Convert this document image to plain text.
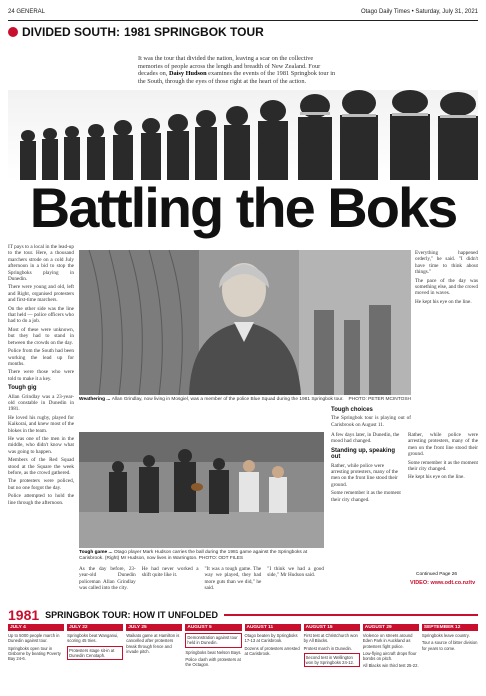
24 GENERAL	Otago Daily Times • Saturday, July 31, 2021
DIVIDED SOUTH: 1981 SPRINGBOK TOUR
It was the tour that divided the nation, leaving a scar on the collective memories of people across the length and breadth of New Zealand. Four decades on, Daisy Hudson examines the events of the 1981 Springbok tour in the South, through the eyes of those right at the heart of the action.
Battling the Boks

IT pays to a local in the lead-up to the tour. Here, a thousand marchers strode on a cold July afternoon in a bid to stop the Springboks playing in Dunedin.

There were young and old, left and Right, organised protesters and first-time marchers.

On the other side was the line that held — police officers who had to do a job.

Most of these were unknown, but they had to stand in between the crowds on the day.

Police from the South had been working the lead up for months.

There were those who were told to make it a key.

Tough gig

Allan Grindlay was a 23-year-old constable in Dunedin in 1981.

He loved his rugby, played for Kaikorai, and knew most of the blokes in the team.

He was one of the men in the middle, who didn't know what was going to happen.

Members of the Red Squad stood at the Square the week before, as the crowd gathered.

The protesters were policed, but no one forgot the day.

Police attempted to hold the line through the afternoon.

Weathering ... Allan Grindlay, now living in Mosgiel, was a member of the police Blue Squad during the 1981 Springbok tour. PHOTO: PETER MCINTOSH

Everything happened orderly," he said. "I didn't have time to think about things."

The pace of the day was something else, and the crowd moved in waves.

He kept his eye on the line.

Tough choices

The Springbok tour is playing out of Carisbrook on August 11.

Tough game ... Otago player Mark Hudson carries the ball during the 1981 game against the Springboks at Carisbrook. (Right) Mr Hudson, now lives in Warrington. PHOTO: ODT FILES

As the day before, 23-year-old Dunedin policeman Allan Grindlay was called into the city.

He had never worked a shift quite like it.

"It was a tough game. The way we played, they had more guts than we did," he said.

"I think we had a good side," Mr Hudson said.

A few days later, in Dunedin, the mood had changed.

Standing up, speaking out

Rather, while police were arresting protesters, many of the men on the front line stood their ground.

Some remember it as the moment their city changed.

Rather, while police were arresting protesters, many of the men on the front line stood their ground.

Some remember it as the moment their city changed.

He kept his eye on the line.

Continued Page 26
VIDEO: www.odt.co.nz/tv
1981 SPRINGBOK TOUR: HOW IT UNFOLDED
JULY 4
Up to 5000 people march in Dunedin against tour.
Springboks open tour in Gisborne by beating Poverty Bay 24-6.
JULY 22
Springboks beat Wanganui, scoring 45 tries.
Protesters stage sit-in at Dunedin Cenotaph.
JULY 25
Waikato game at Hamilton is cancelled after protesters break through fence and invade pitch.
AUGUST 5
Demonstration against tour held in Dunedin.
Springboks beat Nelson Bays.
Police clash with protesters at the Octagon.
AUGUST 11
Otago beaten by Springboks 17-13 at Carisbrook.
Dozens of protesters arrested at Carisbrook.
AUGUST 15
First test at Christchurch won by All Blacks.
Protest march in Dunedin.
Second test in Wellington won by Springboks 24-12.
AUGUST 29
Violence on streets around Eden Park in Auckland as protesters fight police.
Low-flying aircraft drops flour bombs on pitch.
All Blacks win third test 25-22.
SEPTEMBER 12
Springboks leave country.
Tour a source of bitter division for years to come.
